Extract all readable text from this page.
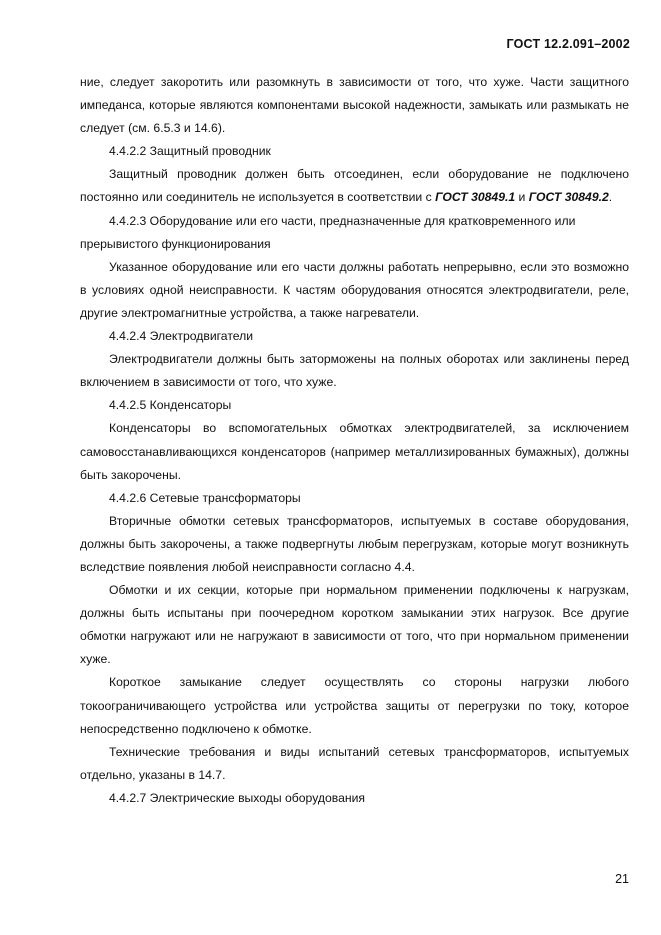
ГОСТ 12.2.091–2002

ние, следует закоротить или разомкнуть в зависимости от того, что хуже. Части защитного импеданса, которые являются компонентами высокой надежности, замыкать или размыкать не следует (см. 6.5.3 и 14.6).

4.4.2.2 Защитный проводник

Защитный проводник должен быть отсоединен, если оборудование не подключено постоянно или соединитель не используется в соответствии с ГОСТ 30849.1 и ГОСТ 30849.2.

4.4.2.3 Оборудование или его части, предназначенные для кратковременного или прерывистого функционирования

Указанное оборудование или его части должны работать непрерывно, если это возможно в условиях одной неисправности. К частям оборудования относятся электродвигатели, реле, другие электромагнитные устройства, а также нагреватели.

4.4.2.4 Электродвигатели

Электродвигатели должны быть заторможены на полных оборотах или заклинены перед включением в зависимости от того, что хуже.

4.4.2.5 Конденсаторы

Конденсаторы во вспомогательных обмотках электродвигателей, за исключением самовосстанавливающихся конденсаторов (например металлизированных бумажных), должны быть закорочены.

4.4.2.6 Сетевые трансформаторы

Вторичные обмотки сетевых трансформаторов, испытуемых в составе оборудования, должны быть закорочены, а также подвергнуты любым перегрузкам, которые могут возникнуть вследствие появления любой неисправности согласно 4.4.

Обмотки и их секции, которые при нормальном применении подключены к нагрузкам, должны быть испытаны при поочередном коротком замыкании этих нагрузок. Все другие обмотки нагружают или не нагружают в зависимости от того, что при нормальном применении хуже.

Короткое замыкание следует осуществлять со стороны нагрузки любого токоограничивающего устройства или устройства защиты от перегрузки по току, которое непосредственно подключено к обмотке.

Технические требования и виды испытаний сетевых трансформаторов, испытуемых отдельно, указаны в 14.7.

4.4.2.7 Электрические выходы оборудования

21
